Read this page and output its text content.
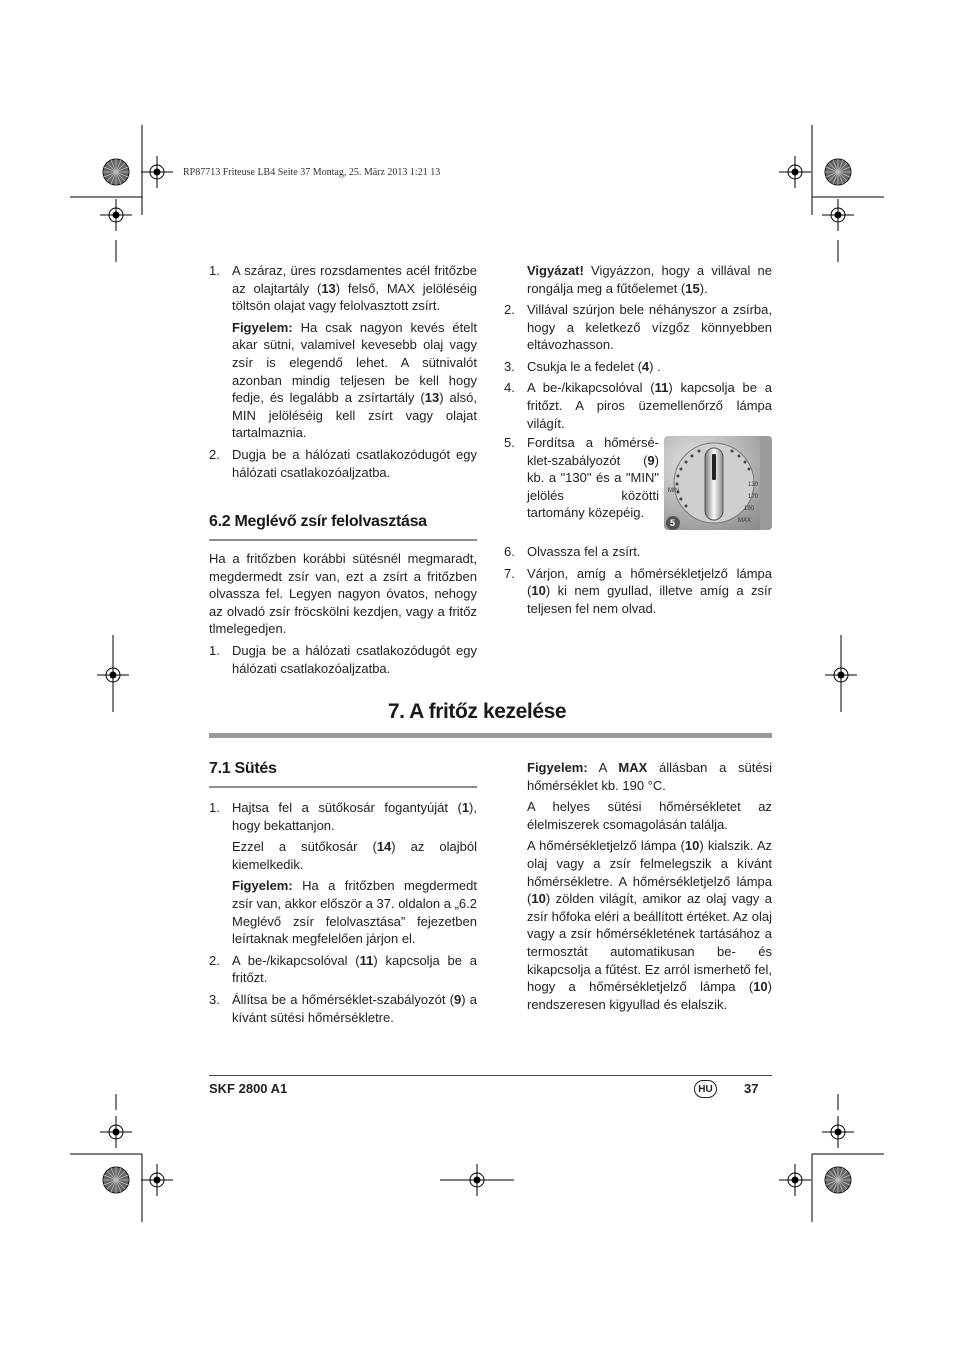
RP87713 Friteuse LB4 Seite 37 Montag, 25. März 2013 1:21 13
1. A száraz, üres rozsdamentes acél fritőzbe az olajtartály (13) felső, MAX jelöléséig töltsön olajat vagy felolvasztott zsírt.
Figyelem: Ha csak nagyon kevés ételt akar sütni, valamivel kevesebb olaj vagy zsír is elegendő lehet. A sütnivalót azonban mindig teljesen be kell hogy fedje, és legalább a zsírtartály (13) alsó, MIN jelöléséig kell zsírt vagy olajat tartalmaznia.
2. Dugja be a hálózati csatlakozódugót egy hálózati csatlakozóaljzatba.
6.2 Meglévő zsír felolvasztása
Ha a fritőzben korábbi sütésnél megmaradt, megdermedt zsír van, ezt a zsírt a fritőzben olvassza fel. Legyen nagyon óvatos, nehogy az olvadó zsír fröcskölni kezdjen, vagy a fritőz tlmelegedjen.
1. Dugja be a hálózati csatlakozódugót egy hálózati csatlakozóaljzatba.
Vigyázat! Vigyázzon, hogy a villával ne rongálja meg a fűtőelemet (15).
2. Villával szúrjon bele néhányszor a zsírba, hogy a keletkező vízgőz könnyebben eltávozhasson.
3. Csukja le a fedelet (4) .
4. A be-/kikapcsolóval (11) kapcsolja be a fritőzt. A piros üzemellenőrző lámpa világít.
5. Fordítsa a hőmérsé-klet-szabályozót (9) kb. a "130" és a "MIN" jelölés közötti tartomány közepéig.
MIN
MAX
130
170
190
5
6. Olvassza fel a zsírt.
7. Várjon, amíg a hőmérsékletjelző lámpa (10) ki nem gyullad, illetve amíg a zsír teljesen fel nem olvad.
7. A fritőz kezelése
7.1 Sütés
1. Hajtsa fel a sütőkosár fogantyúját (1), hogy bekattanjon.
Ezzel a sütőkosár (14) az olajból kiemelkedik.
Figyelem: Ha a fritőzben megdermedt zsír van, akkor először a 37. oldalon a „6.2 Meglévő zsír felolvasztása” fejezetben leírtaknak megfelelően járjon el.
2. A be-/kikapcsolóval (11) kapcsolja be a fritőzt.
3. Állítsa be a hőmérséklet-szabályozót (9) a kívánt sütési hőmérsékletre.
Figyelem: A MAX állásban a sütési hőmérséklet kb. 190 °C.
A helyes sütési hőmérsékletet az élelmiszerek csomagolásán találja.
A hőmérsékletjelző lámpa (10) kialszik. Az olaj vagy a zsír felmelegszik a kívánt hőmérsékletre. A hőmérsékletjelző lámpa (10) zölden világít, amikor az olaj vagy a zsír hőfoka eléri a beállított értéket. Az olaj vagy a zsír hőmérsékletének tartásához a termosztát automatikusan be- és kikapcsolja a fűtést. Ez arról ismerhető fel, hogy a hőmérsékletjelző lámpa (10) rendszeresen kigyullad és elalszik.
SKF 2800 A1	HU	37
